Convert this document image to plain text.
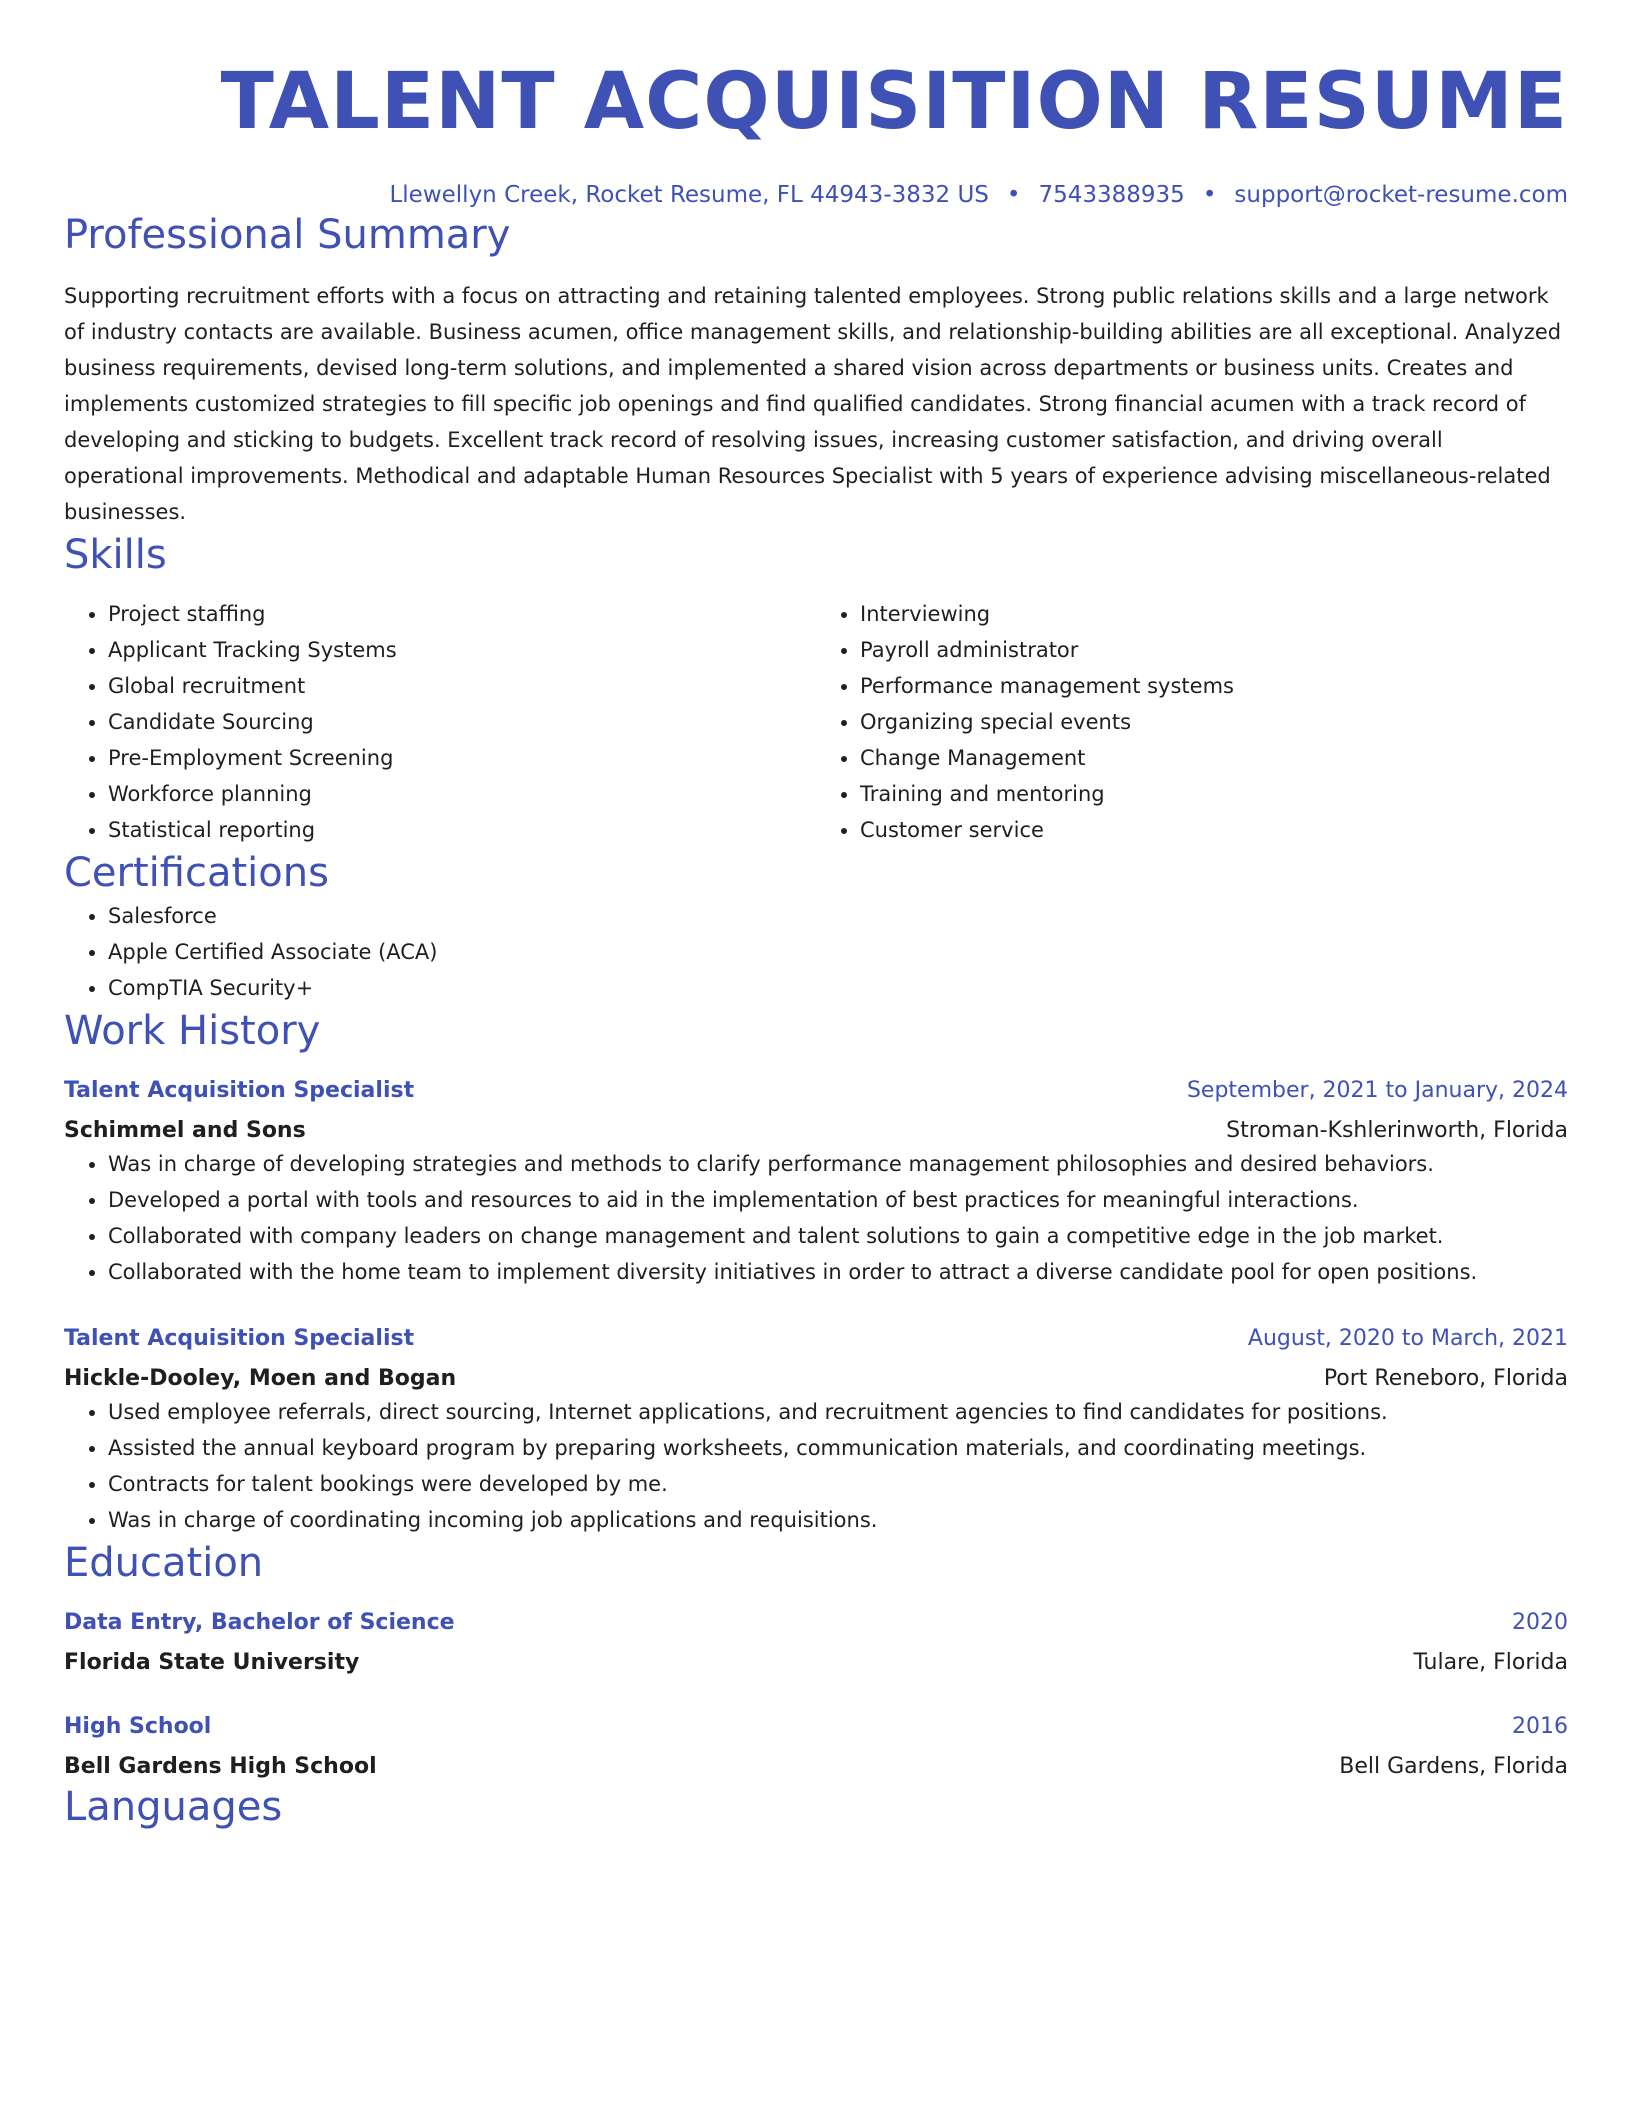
TALENT ACQUISITION RESUME
Llewellyn Creek, Rocket Resume, FL 44943-3832 US • 7543388935 • support@rocket-resume.com
Professional Summary

Supporting recruitment efforts with a focus on attracting and retaining talented employees. Strong public relations skills and a large network of industry contacts are available. Business acumen, office management skills, and relationship-building abilities are all exceptional. Analyzed business requirements, devised long-term solutions, and implemented a shared vision across departments or business units. Creates and implements customized strategies to fill specific job openings and find qualified candidates. Strong financial acumen with a track record of developing and sticking to budgets. Excellent track record of resolving issues, increasing customer satisfaction, and driving overall operational improvements. Methodical and adaptable Human Resources Specialist with 5 years of experience advising miscellaneous-related businesses.

Skills
• Project staffing
• Applicant Tracking Systems
• Global recruitment
• Candidate Sourcing
• Pre-Employment Screening
• Workforce planning
• Statistical reporting
• Interviewing
• Payroll administrator
• Performance management systems
• Organizing special events
• Change Management
• Training and mentoring
• Customer service
Certifications
• Salesforce
• Apple Certified Associate (ACA)
• CompTIA Security+
Work History
Talent Acquisition Specialist	September, 2021 to January, 2024
Schimmel and Sons	Stroman-Kshlerinworth, Florida
• Was in charge of developing strategies and methods to clarify performance management philosophies and desired behaviors.
• Developed a portal with tools and resources to aid in the implementation of best practices for meaningful interactions.
• Collaborated with company leaders on change management and talent solutions to gain a competitive edge in the job market.
• Collaborated with the home team to implement diversity initiatives in order to attract a diverse candidate pool for open positions.
Talent Acquisition Specialist	August, 2020 to March, 2021
Hickle-Dooley, Moen and Bogan	Port Reneboro, Florida
• Used employee referrals, direct sourcing, Internet applications, and recruitment agencies to find candidates for positions.
• Assisted the annual keyboard program by preparing worksheets, communication materials, and coordinating meetings.
• Contracts for talent bookings were developed by me.
• Was in charge of coordinating incoming job applications and requisitions.
Education
Data Entry, Bachelor of Science	2020
Florida State University	Tulare, Florida
High School	2016
Bell Gardens High School	Bell Gardens, Florida
Languages
